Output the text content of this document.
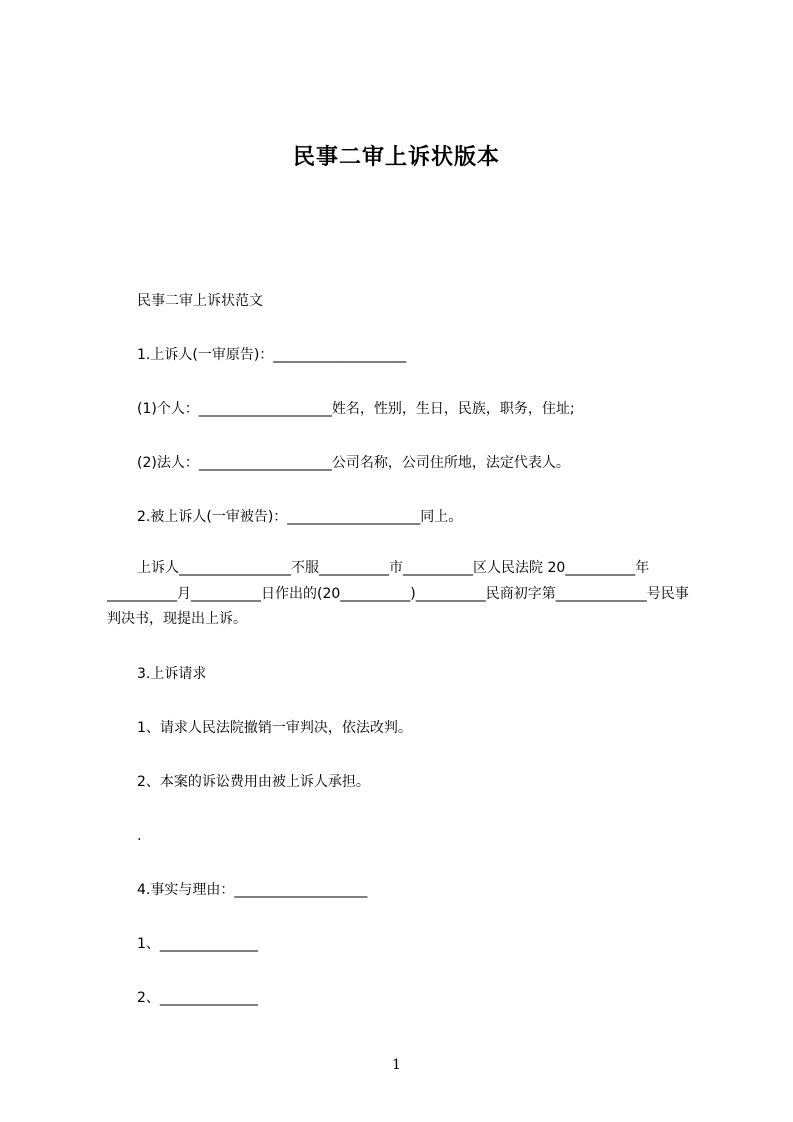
民事二审上诉状版本
民事二审上诉状范文
1.上诉人(一审原告)：___________________
(1)个人：___________________姓名，性别，生日，民族，职务，住址;
(2)法人：___________________公司名称，公司住所地，法定代表人。
2.被上诉人(一审被告)：___________________同上。
上诉人________________不服__________市__________区人民法院 20__________年__________月__________日作出的(20__________)__________民商初字第_____________号民事判决书，现提出上诉。
3.上诉请求
1、请求人民法院撤销一审判决，依法改判。
2、本案的诉讼费用由被上诉人承担。
.
4.事实与理由：___________________
1、______________
2、______________
1
